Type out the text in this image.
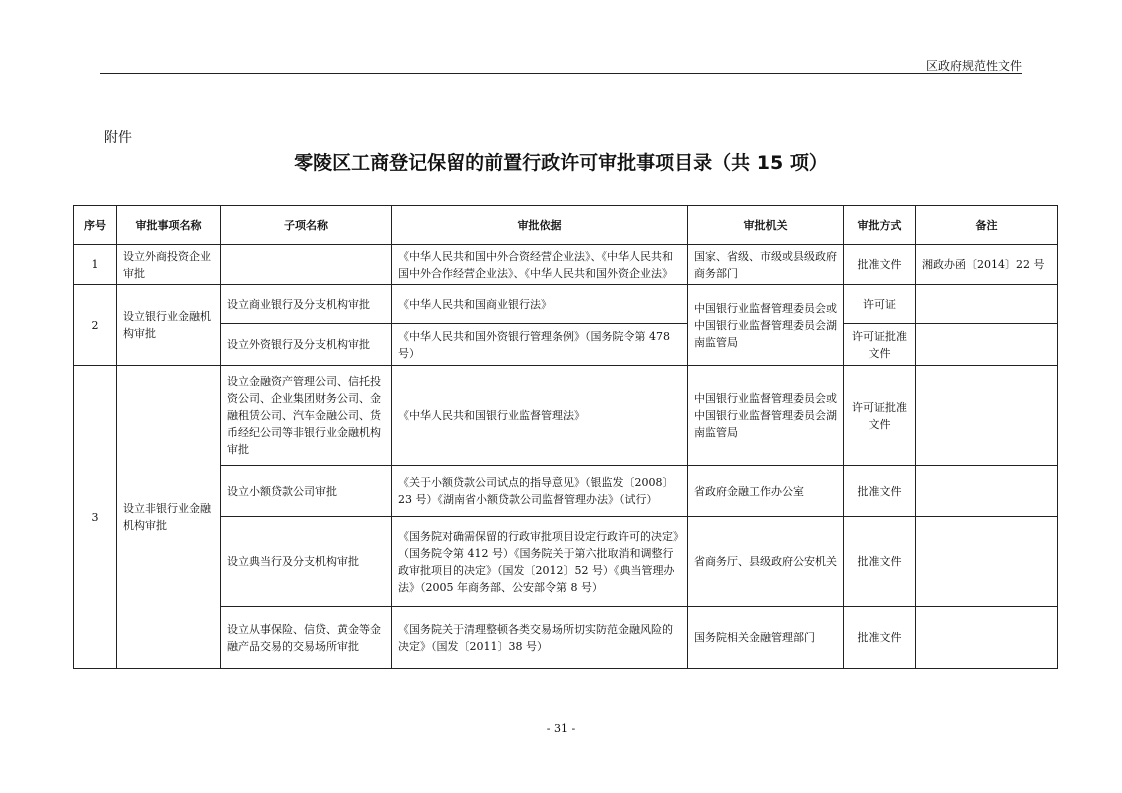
区政府规范性文件
附件
零陵区工商登记保留的前置行政许可审批事项目录（共 15 项）
序号	审批事项名称	子项名称	审批依据	审批机关	审批方式	备注
1	设立外商投资企业审批		《中华人民共和国中外合资经营企业法》、《中华人民共和国中外合作经营企业法》、《中华人民共和国外资企业法》	国家、省级、市级或县级政府商务部门	批准文件	湘政办函〔2014〕22 号
2	设立银行业金融机构审批	设立商业银行及分支机构审批	《中华人民共和国商业银行法》	中国银行业监督管理委员会或中国银行业监督管理委员会湖南监管局	许可证	
		设立外资银行及分支机构审批	《中华人民共和国外资银行管理条例》（国务院令第 478 号）		许可证批准文件	
3	设立非银行业金融机构审批	设立金融资产管理公司、信托投资公司、企业集团财务公司、金融租赁公司、汽车金融公司、货币经纪公司等非银行业金融机构审批	《中华人民共和国银行业监督管理法》	中国银行业监督管理委员会或中国银行业监督管理委员会湖南监管局	许可证批准文件	
		设立小额贷款公司审批	《关于小额贷款公司试点的指导意见》（银监发〔2008〕23 号）《湖南省小额贷款公司监督管理办法》（试行）	省政府金融工作办公室	批准文件	
		设立典当行及分支机构审批	《国务院对确需保留的行政审批项目设定行政许可的决定》（国务院令第 412 号）《国务院关于第六批取消和调整行政审批项目的决定》（国发〔2012〕52 号）《典当管理办法》（2005 年商务部、公安部令第 8 号）	省商务厅、县级政府公安机关	批准文件	
		设立从事保险、信贷、黄金等金融产品交易的交易场所审批	《国务院关于清理整顿各类交易场所切实防范金融风险的决定》（国发〔2011〕38 号）	国务院相关金融管理部门	批准文件	
- 31 -
